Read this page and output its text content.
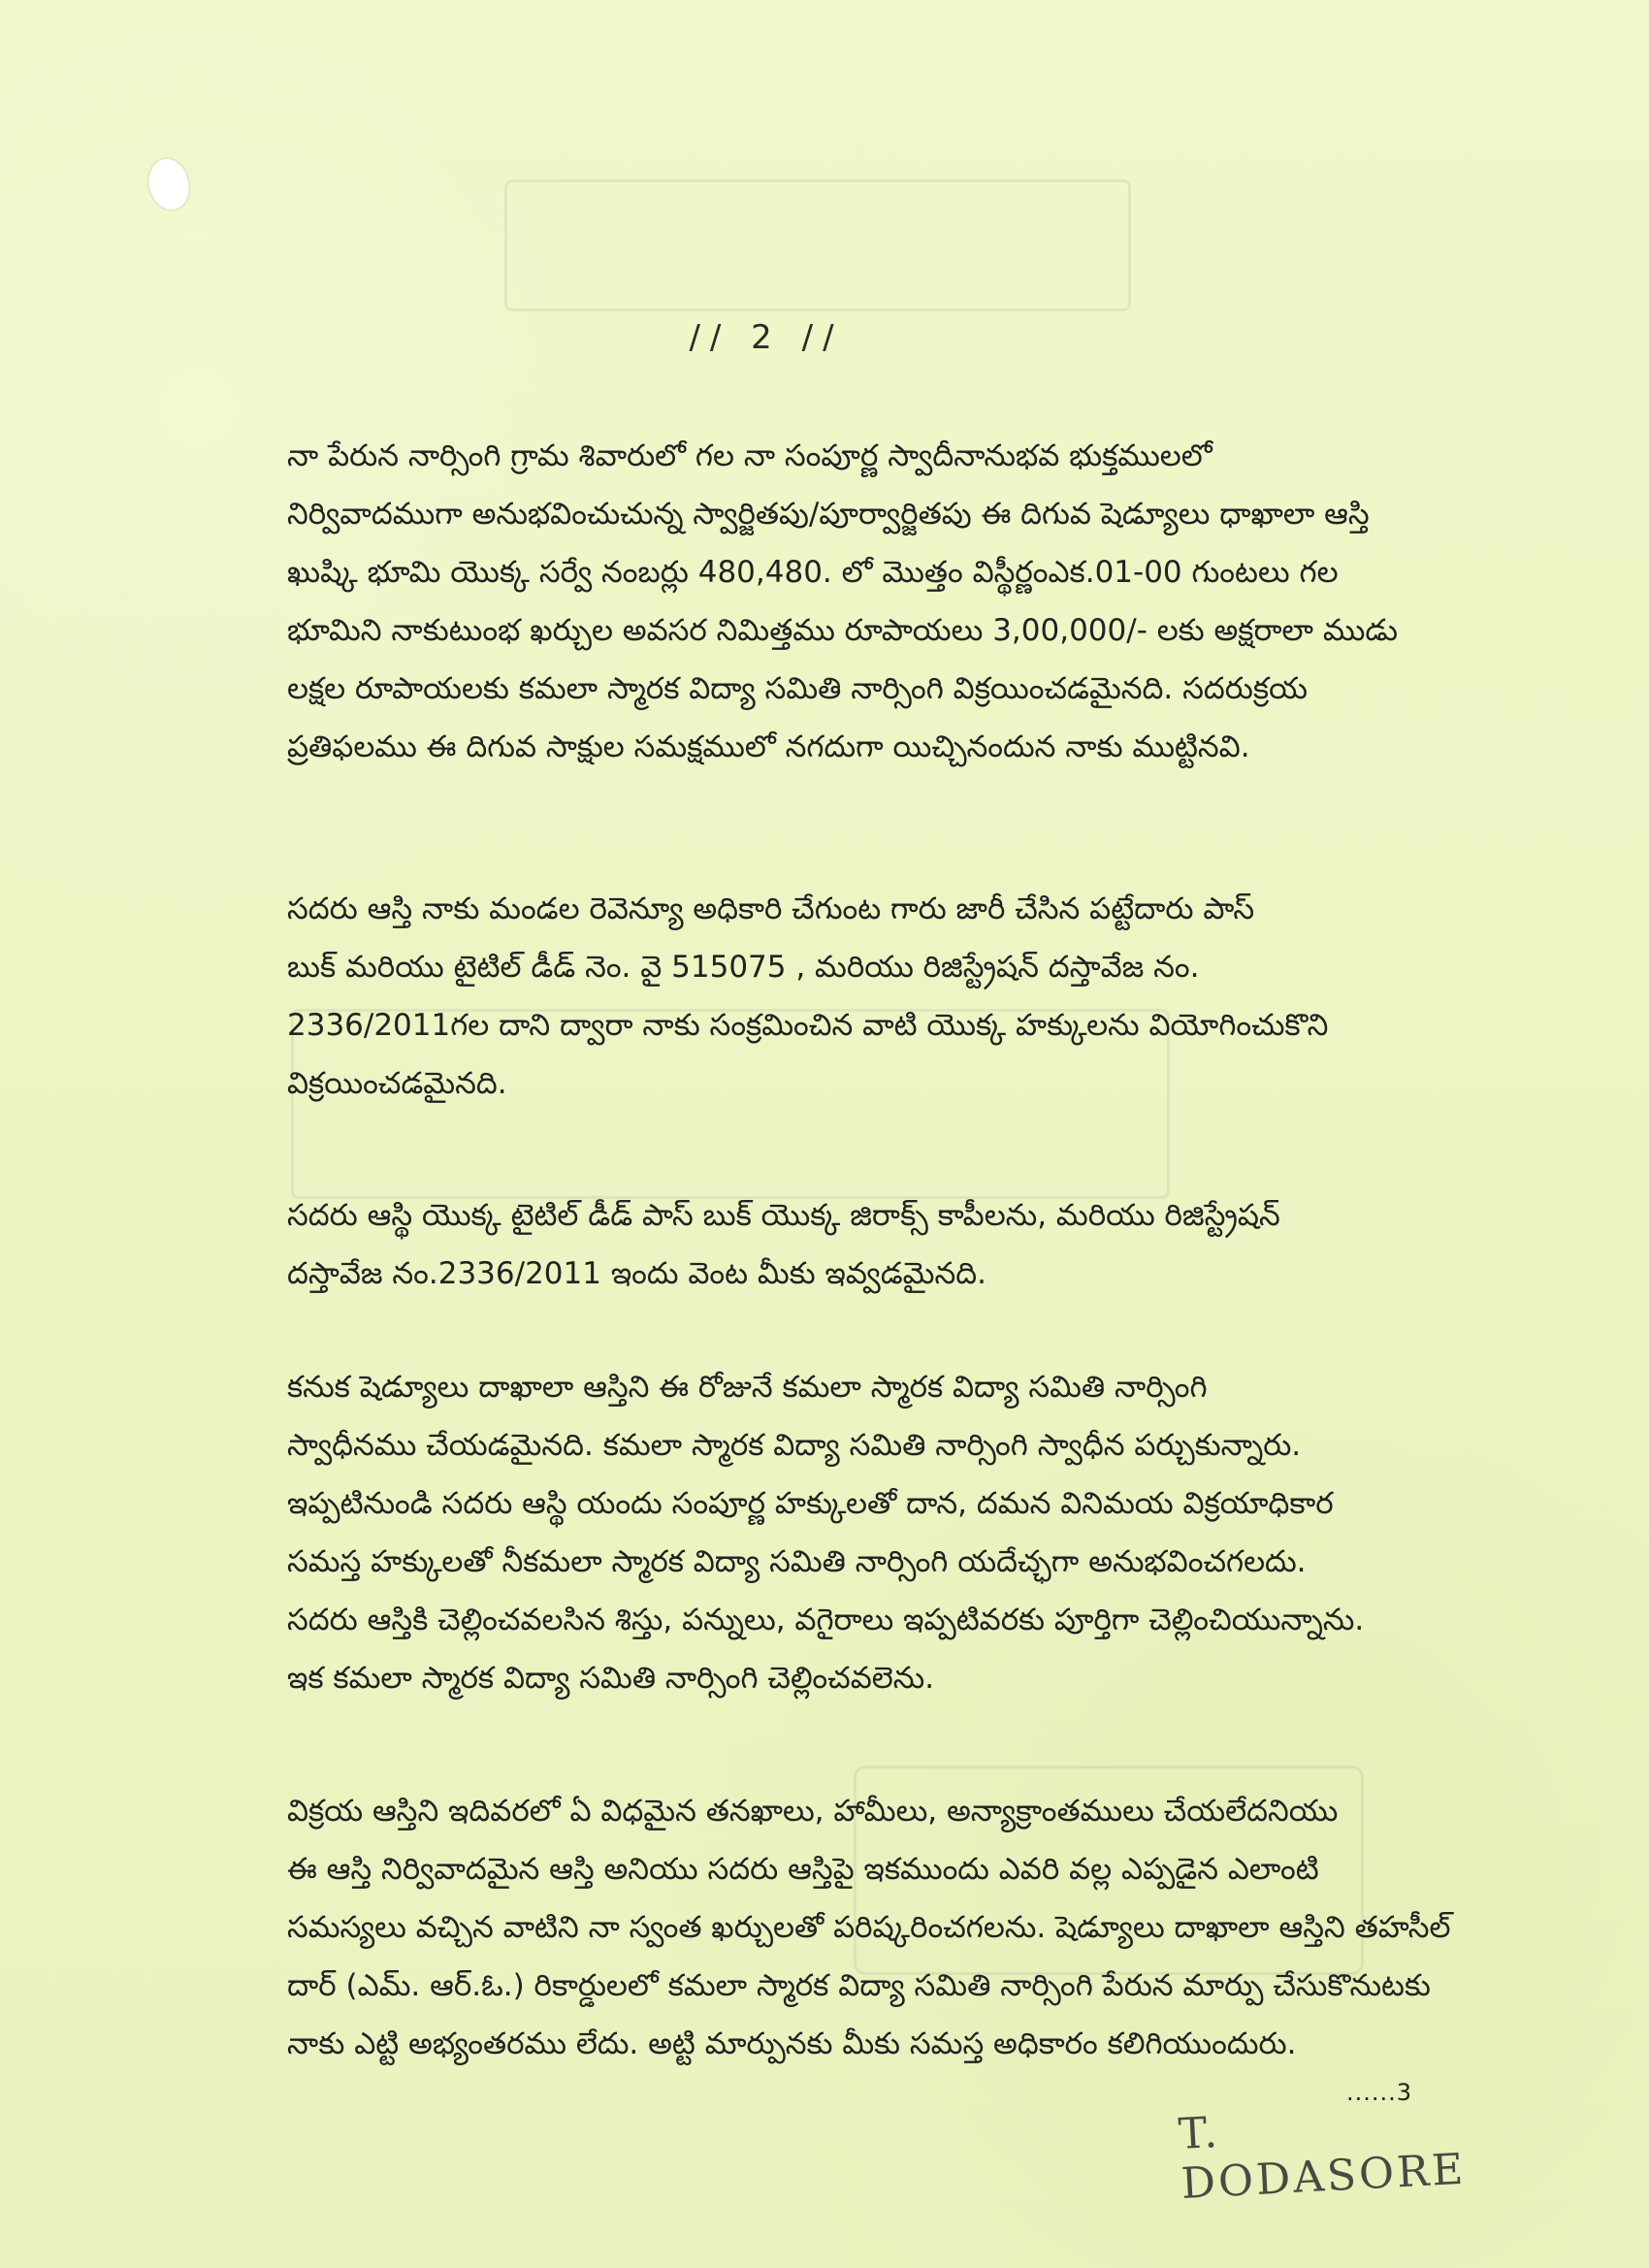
// 2 //
నా పేరున నార్సింగి గ్రామ శివారులో గల నా సంపూర్ణ స్వాదీనానుభవ భుక్తములలో
నిర్వివాదముగా అనుభవించుచున్న స్వార్జితపు/పూర్వార్జితపు ఈ దిగువ షెడ్యూలు ధాఖాలా ఆస్తి
ఖుష్కి భూమి యొక్క సర్వే నంబర్లు 480,480. లో మొత్తం విస్థీర్ణంఎక.01-00 గుంటలు గల
భూమిని నాకుటుంభ ఖర్చుల అవసర నిమిత్తము రూపాయలు 3,00,000/- లకు అక్షరాలా ముడు
లక్షల రూపాయలకు కమలా స్మారక విద్యా సమితి నార్సింగి విక్రయించడమైనది. సదరుక్రయ
ప్రతిఫలము ఈ దిగువ సాక్షుల సమక్షములో నగదుగా యిచ్చినందున నాకు ముట్టినవి.
సదరు ఆస్తి నాకు మండల రెవెన్యూ అధికారి చేగుంట గారు జారీ చేసిన పట్టేదారు పాస్
బుక్ మరియు టైటిల్ డీడ్ నెం. వై 515075 , మరియు రిజిస్ట్రేషన్ దస్తావేజ నం.
2336/2011గల దాని ద్వారా నాకు సంక్రమించిన వాటి యొక్క హక్కులను వియోగించుకొని
విక్రయించడమైనది.
సదరు ఆస్థి యొక్క టైటిల్ డీడ్ పాస్ బుక్ యొక్క జిరాక్స్ కాపీలను, మరియు రిజిస్ట్రేషన్
దస్తావేజ నం.2336/2011 ఇందు వెంట మీకు ఇవ్వడమైనది.
కనుక షెడ్యూలు దాఖాలా ఆస్తిని ఈ రోజునే కమలా స్మారక విద్యా సమితి నార్సింగి
స్వాధీనము చేయడమైనది. కమలా స్మారక విద్యా సమితి నార్సింగి స్వాధీన పర్చుకున్నారు.
ఇప్పటినుండి సదరు ఆస్థి యందు సంపూర్ణ హక్కులతో దాన, దమన వినిమయ విక్రయాధికార
సమస్త హక్కులతో నీకమలా స్మారక విద్యా సమితి నార్సింగి యదేచ్ఛగా అనుభవించగలదు.
సదరు ఆస్తికి చెల్లించవలసిన శిస్తు, పన్నులు, వగైరాలు ఇప్పటివరకు పూర్తిగా చెల్లించియున్నాను.
ఇక కమలా స్మారక విద్యా సమితి నార్సింగి చెల్లించవలెను.
విక్రయ ఆస్తిని ఇదివరలో ఏ విధమైన తనఖాలు, హామీలు, అన్యాక్రాంతములు చేయలేదనియు
ఈ ఆస్తి నిర్వివాదమైన ఆస్తి అనియు సదరు ఆస్తిపై ఇకముందు ఎవరి వల్ల ఎప్పడైన ఎలాంటి
సమస్యలు వచ్చిన వాటిని నా స్వంత ఖర్చులతో పరిష్కరించగలను. షెడ్యూలు దాఖాలా ఆస్తిని తహసీల్
దార్ (ఎమ్. ఆర్.ఓ.) రికార్డులలో కమలా స్మారక విద్యా సమితి నార్సింగి పేరున మార్పు చేసుకొనుటకు
నాకు ఎట్టి అభ్యంతరము లేదు. అట్టి మార్పునకు మీకు సమస్త అధికారం కలిగియుందురు.
......3
T. DODASORE
